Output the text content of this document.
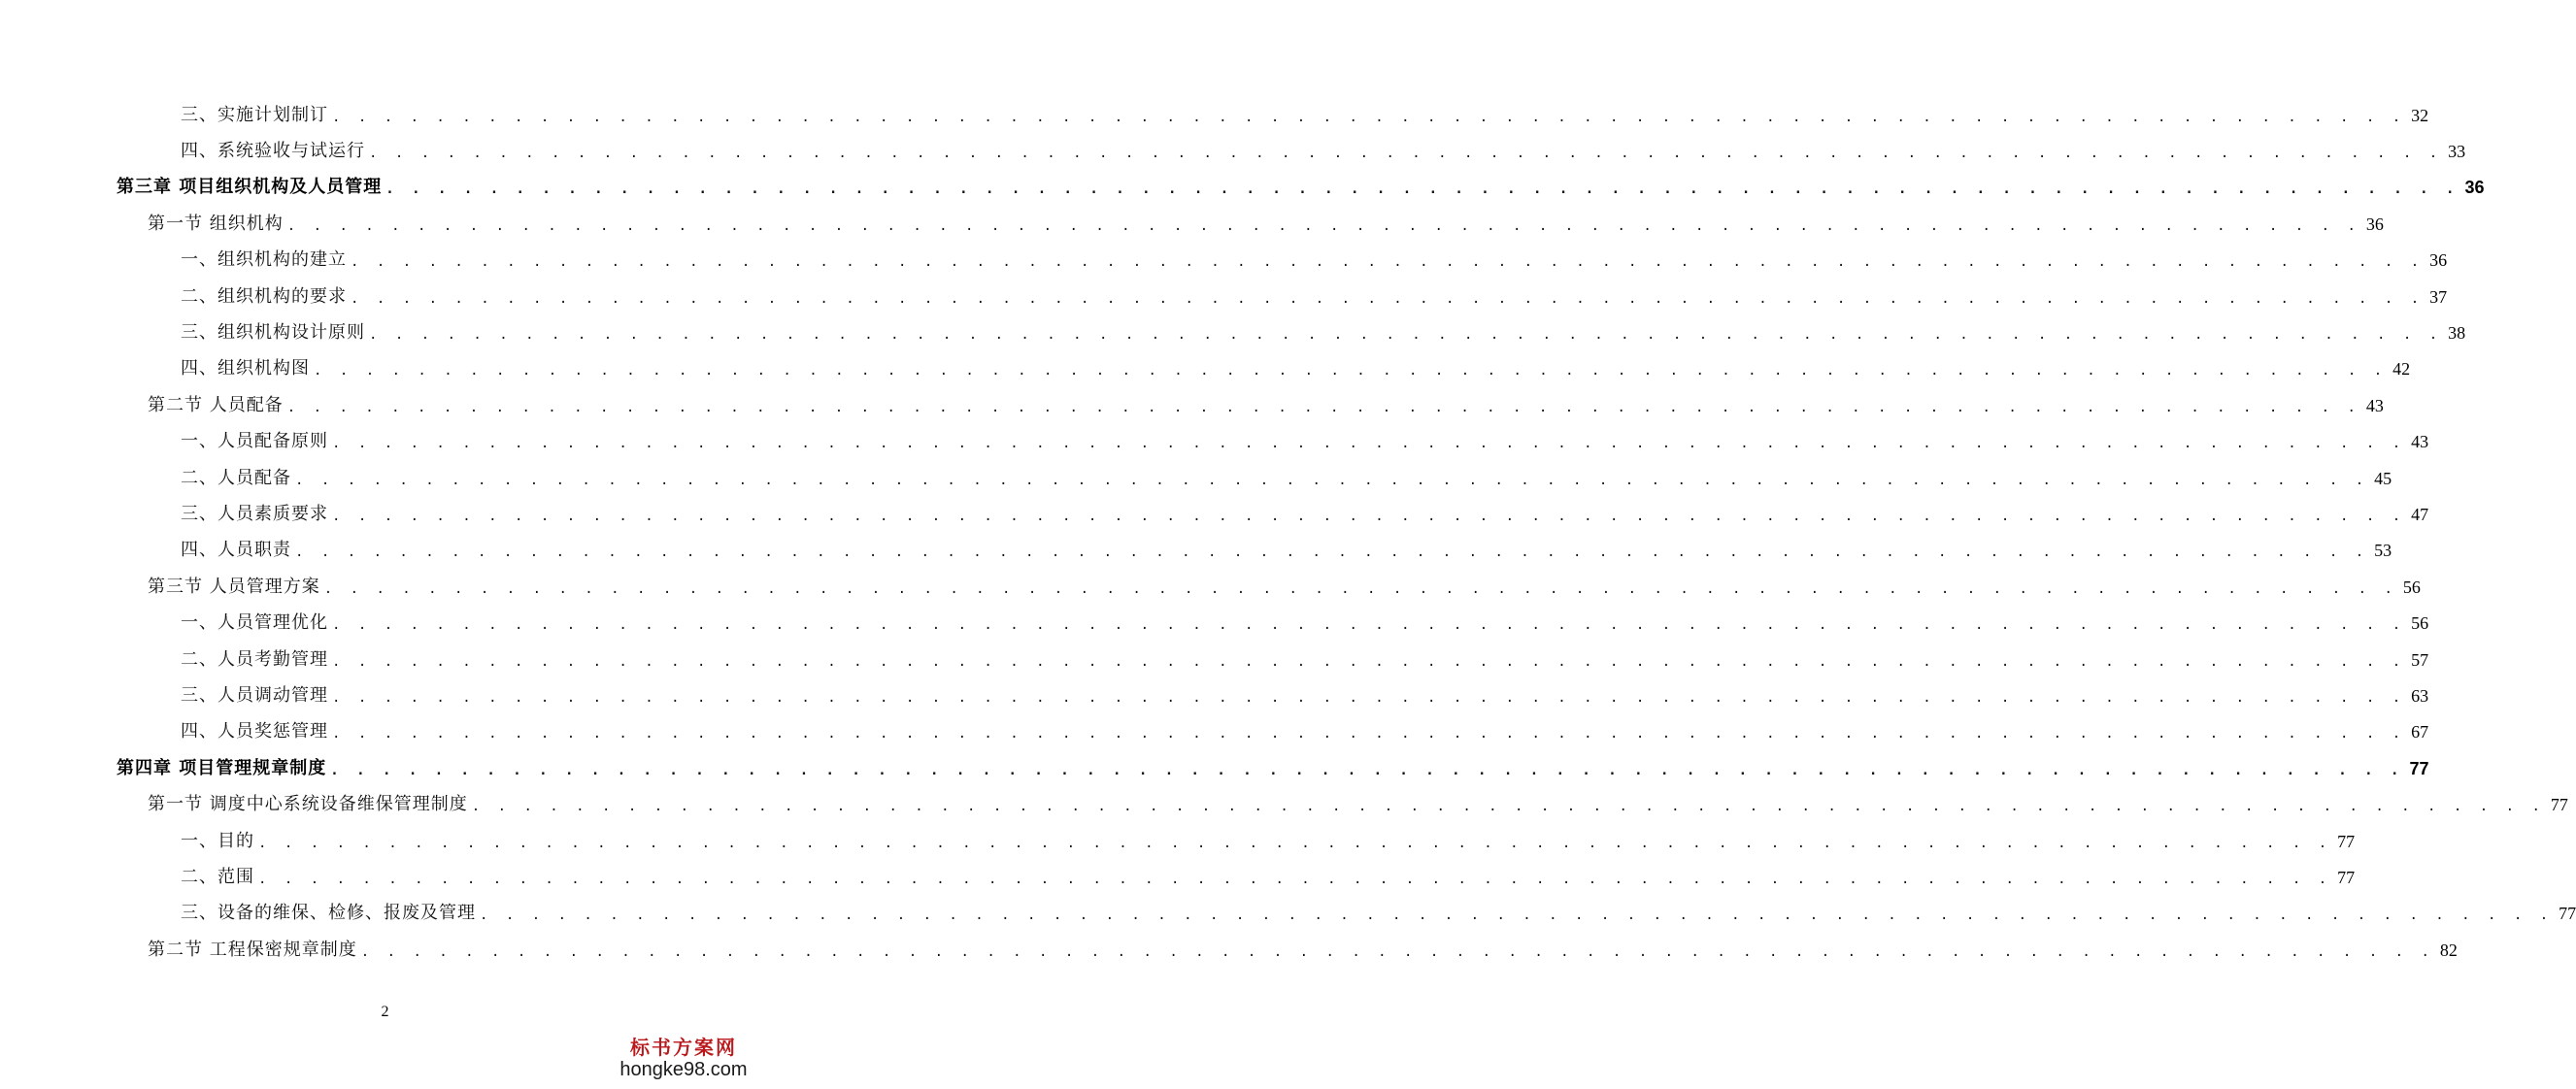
三、实施计划制订 . . . . . . . . . . . . . . . . . . . . . . . . . . . . . . . . . . . . . . . . . . . . . . . . . . . . . . . . . . . . . . . . . . . . . . . . . . . . . . . . 32
四、系统验收与试运行 . . . . . . . . . . . . . . . . . . . . . . . . . . . . . . . . . . . . . . . . . . . . . . . . . . . . . . . . . . . . . . . . . . . . . . . . . . . . . . . . 33
第三章 项目组织机构及人员管理 . . . . . . . . . . . . . . . . . . . . . . . . . . . . . . . . . . . . . . . . . . . . . . . . . . . . . . . . . . . . . . . . . . . . . . . . . . . . . . . . 36
第一节 组织机构 . . . . . . . . . . . . . . . . . . . . . . . . . . . . . . . . . . . . . . . . . . . . . . . . . . . . . . . . . . . . . . . . . . . . . . . . . . . . . . . . 36
一、组织机构的建立 . . . . . . . . . . . . . . . . . . . . . . . . . . . . . . . . . . . . . . . . . . . . . . . . . . . . . . . . . . . . . . . . . . . . . . . . . . . . . . . . 36
二、组织机构的要求 . . . . . . . . . . . . . . . . . . . . . . . . . . . . . . . . . . . . . . . . . . . . . . . . . . . . . . . . . . . . . . . . . . . . . . . . . . . . . . . . 37
三、组织机构设计原则 . . . . . . . . . . . . . . . . . . . . . . . . . . . . . . . . . . . . . . . . . . . . . . . . . . . . . . . . . . . . . . . . . . . . . . . . . . . . . . . . 38
四、组织机构图 . . . . . . . . . . . . . . . . . . . . . . . . . . . . . . . . . . . . . . . . . . . . . . . . . . . . . . . . . . . . . . . . . . . . . . . . . . . . . . . . 42
第二节 人员配备 . . . . . . . . . . . . . . . . . . . . . . . . . . . . . . . . . . . . . . . . . . . . . . . . . . . . . . . . . . . . . . . . . . . . . . . . . . . . . . . . 43
一、人员配备原则 . . . . . . . . . . . . . . . . . . . . . . . . . . . . . . . . . . . . . . . . . . . . . . . . . . . . . . . . . . . . . . . . . . . . . . . . . . . . . . . . 43
二、人员配备 . . . . . . . . . . . . . . . . . . . . . . . . . . . . . . . . . . . . . . . . . . . . . . . . . . . . . . . . . . . . . . . . . . . . . . . . . . . . . . . . 45
三、人员素质要求 . . . . . . . . . . . . . . . . . . . . . . . . . . . . . . . . . . . . . . . . . . . . . . . . . . . . . . . . . . . . . . . . . . . . . . . . . . . . . . . . 47
四、人员职责 . . . . . . . . . . . . . . . . . . . . . . . . . . . . . . . . . . . . . . . . . . . . . . . . . . . . . . . . . . . . . . . . . . . . . . . . . . . . . . . . 53
第三节 人员管理方案 . . . . . . . . . . . . . . . . . . . . . . . . . . . . . . . . . . . . . . . . . . . . . . . . . . . . . . . . . . . . . . . . . . . . . . . . . . . . . . . . 56
一、人员管理优化 . . . . . . . . . . . . . . . . . . . . . . . . . . . . . . . . . . . . . . . . . . . . . . . . . . . . . . . . . . . . . . . . . . . . . . . . . . . . . . . . 56
二、人员考勤管理 . . . . . . . . . . . . . . . . . . . . . . . . . . . . . . . . . . . . . . . . . . . . . . . . . . . . . . . . . . . . . . . . . . . . . . . . . . . . . . . . 57
三、人员调动管理 . . . . . . . . . . . . . . . . . . . . . . . . . . . . . . . . . . . . . . . . . . . . . . . . . . . . . . . . . . . . . . . . . . . . . . . . . . . . . . . . 63
四、人员奖惩管理 . . . . . . . . . . . . . . . . . . . . . . . . . . . . . . . . . . . . . . . . . . . . . . . . . . . . . . . . . . . . . . . . . . . . . . . . . . . . . . . . 67
第四章 项目管理规章制度 . . . . . . . . . . . . . . . . . . . . . . . . . . . . . . . . . . . . . . . . . . . . . . . . . . . . . . . . . . . . . . . . . . . . . . . . . . . . . . . . 77
第一节 调度中心系统设备维保管理制度 . . . . . . . . . . . . . . . . . . . . . . . . . . . . . . . . . . . . . . . . . . . . . . . . . . . . . . . . . . . . . . . . . . . . . . . . . . . . . . . . 77
一、目的 . . . . . . . . . . . . . . . . . . . . . . . . . . . . . . . . . . . . . . . . . . . . . . . . . . . . . . . . . . . . . . . . . . . . . . . . . . . . . . . . 77
二、范围 . . . . . . . . . . . . . . . . . . . . . . . . . . . . . . . . . . . . . . . . . . . . . . . . . . . . . . . . . . . . . . . . . . . . . . . . . . . . . . . . 77
三、设备的维保、检修、报废及管理 . . . . . . . . . . . . . . . . . . . . . . . . . . . . . . . . . . . . . . . . . . . . . . . . . . . . . . . . . . . . . . . . . . . . . . . . . . . . . . . . 77
第二节 工程保密规章制度 . . . . . . . . . . . . . . . . . . . . . . . . . . . . . . . . . . . . . . . . . . . . . . . . . . . . . . . . . . . . . . . . . . . . . . . . . . . . . . . . 82
2
标书方案网
hongke98.com
